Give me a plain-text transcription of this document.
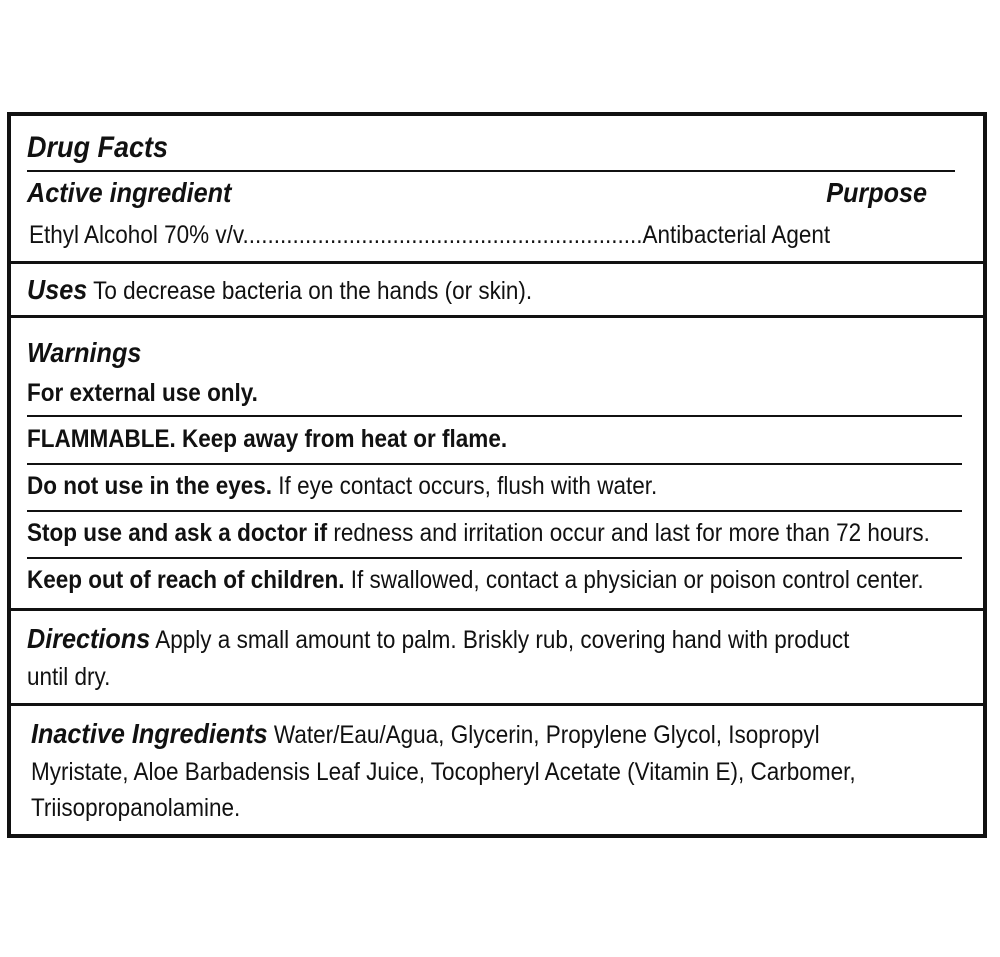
Drug Facts
Active ingredient	Purpose
Ethyl Alcohol 70% v/v................................................................Antibacterial Agent
Uses To decrease bacteria on the hands (or skin).
Warnings
For external use only.
FLAMMABLE. Keep away from heat or flame.
Do not use in the eyes. If eye contact occurs, flush with water.
Stop use and ask a doctor if redness and irritation occur and last for more than 72 hours.
Keep out of reach of children. If swallowed, contact a physician or poison control center.
Directions Apply a small amount to palm. Briskly rub, covering hand with product
until dry.
Inactive Ingredients Water/Eau/Agua, Glycerin, Propylene Glycol, Isopropyl
Myristate, Aloe Barbadensis Leaf Juice, Tocopheryl Acetate (Vitamin E), Carbomer,
Triisopropanolamine.
